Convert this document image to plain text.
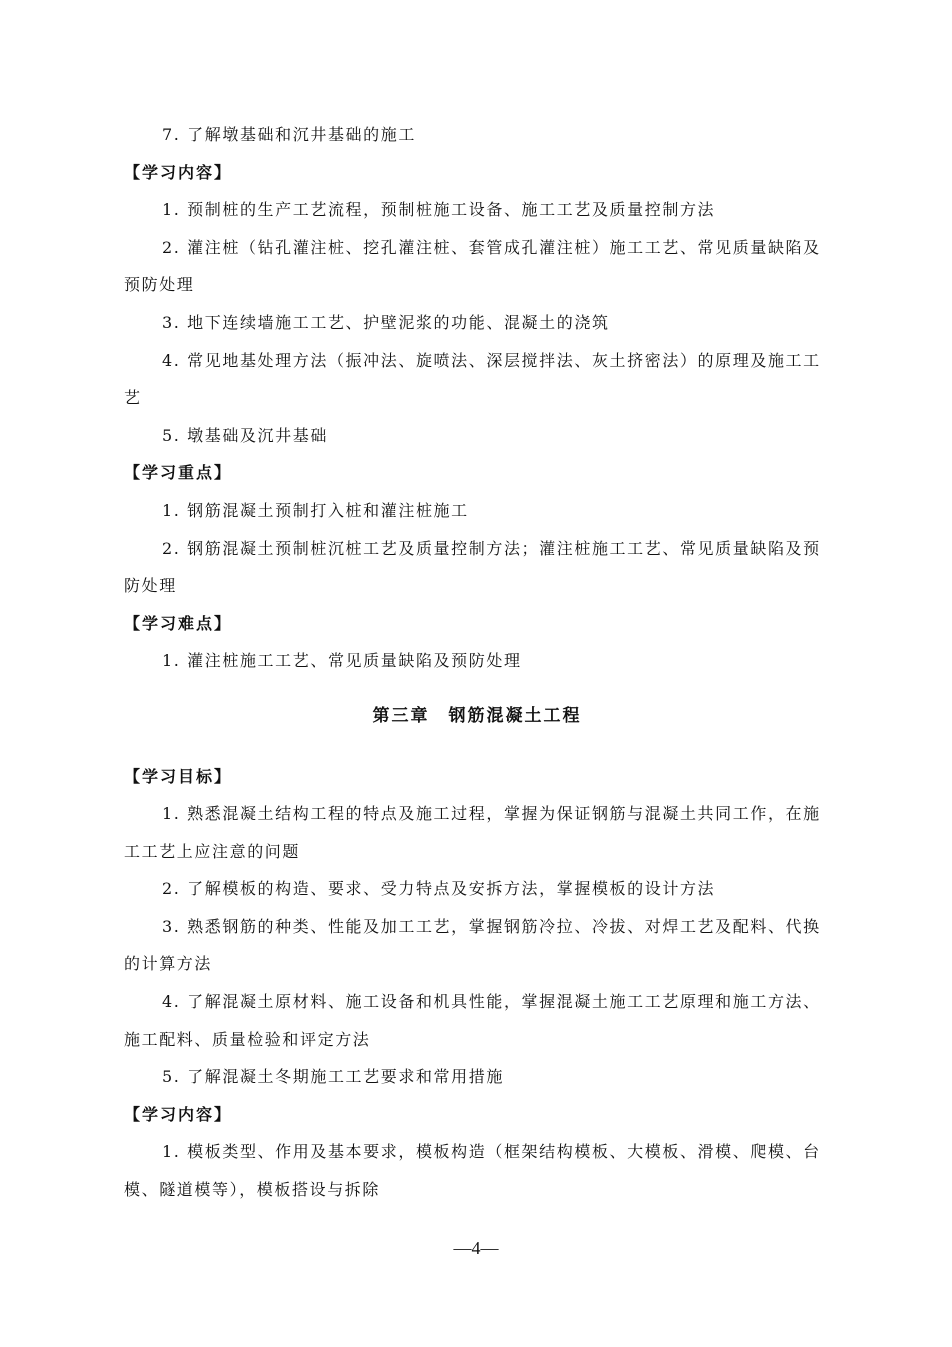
7. 了解墩基础和沉井基础的施工

【学习内容】

1. 预制桩的生产工艺流程，预制桩施工设备、施工工艺及质量控制方法

2. 灌注桩（钻孔灌注桩、挖孔灌注桩、套管成孔灌注桩）施工工艺、常见质量缺陷及预防处理

3. 地下连续墙施工工艺、护壁泥浆的功能、混凝土的浇筑

4. 常见地基处理方法（振冲法、旋喷法、深层搅拌法、灰土挤密法）的原理及施工工艺

5. 墩基础及沉井基础

【学习重点】

1. 钢筋混凝土预制打入桩和灌注桩施工

2. 钢筋混凝土预制桩沉桩工艺及质量控制方法；灌注桩施工工艺、常见质量缺陷及预防处理

【学习难点】

1. 灌注桩施工工艺、常见质量缺陷及预防处理

第三章　钢筋混凝土工程

【学习目标】

1. 熟悉混凝土结构工程的特点及施工过程，掌握为保证钢筋与混凝土共同工作，在施工工艺上应注意的问题

2. 了解模板的构造、要求、受力特点及安拆方法，掌握模板的设计方法

3. 熟悉钢筋的种类、性能及加工工艺，掌握钢筋冷拉、冷拔、对焊工艺及配料、代换的计算方法

4. 了解混凝土原材料、施工设备和机具性能，掌握混凝土施工工艺原理和施工方法、施工配料、质量检验和评定方法

5. 了解混凝土冬期施工工艺要求和常用措施

【学习内容】

1. 模板类型、作用及基本要求，模板构造（框架结构模板、大模板、滑模、爬模、台模、隧道模等），模板搭设与拆除

—4—
